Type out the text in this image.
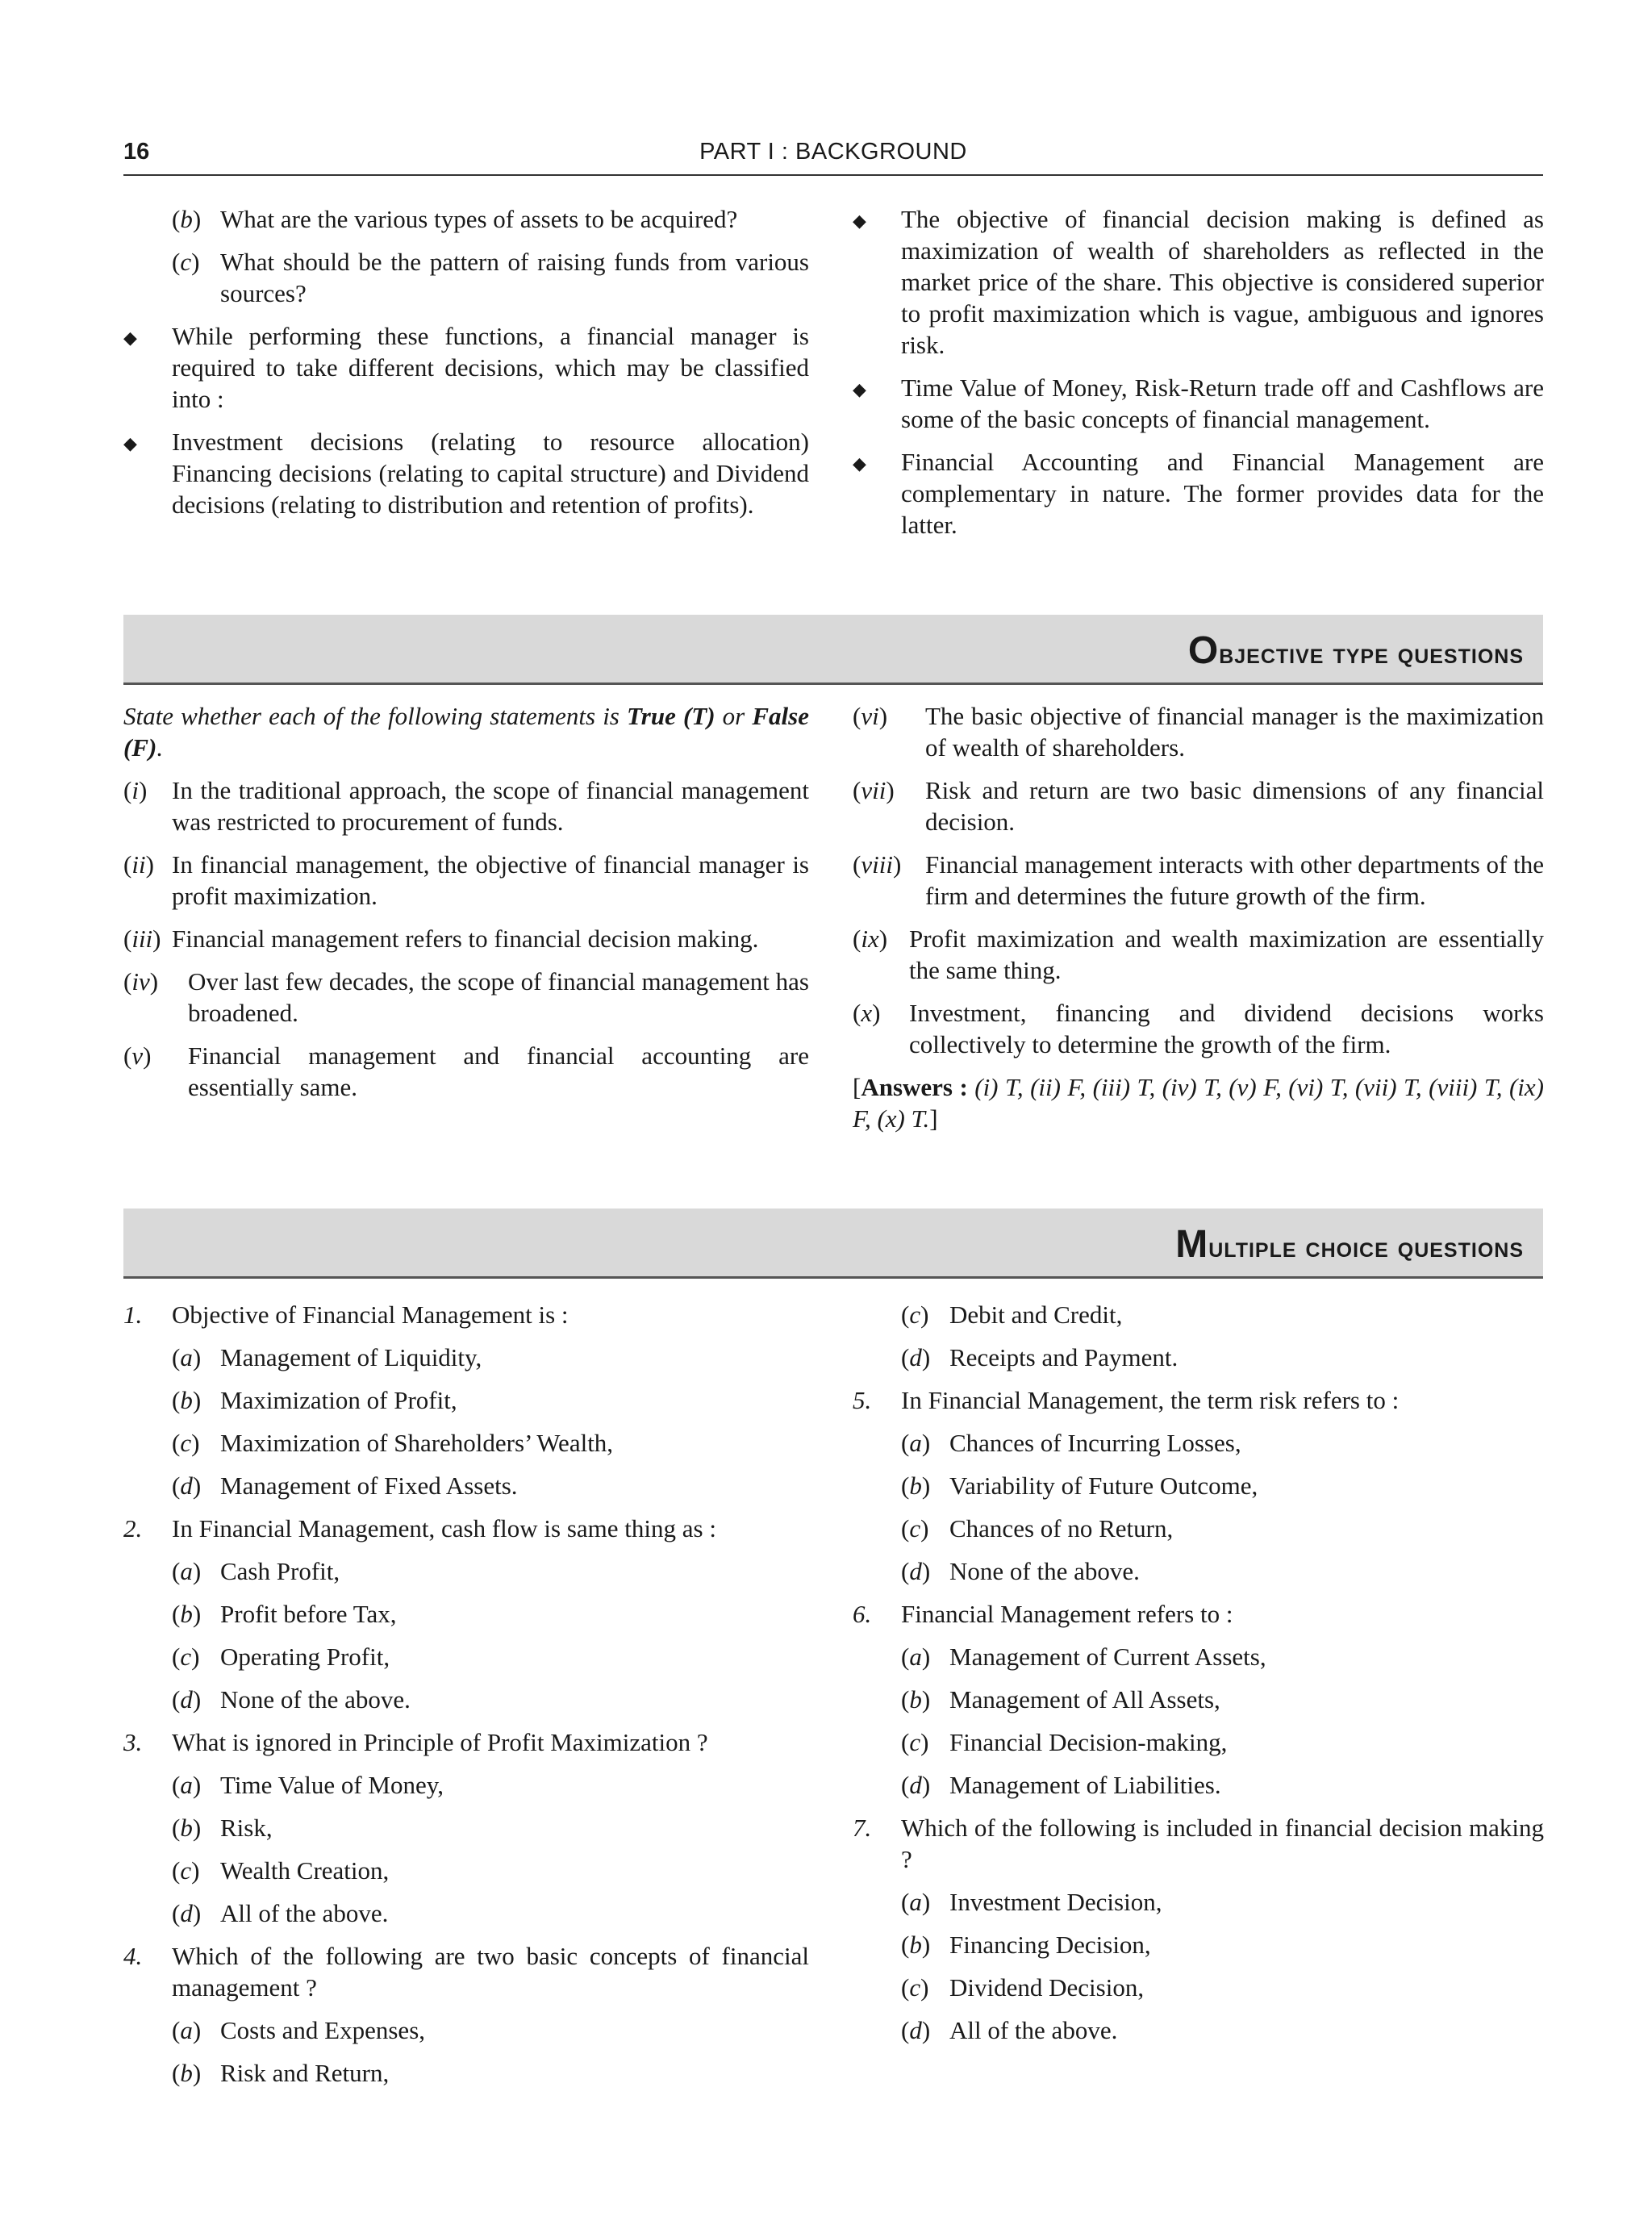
16	PART I : BACKGROUND
(b) What are the various types of assets to be acquired?
(c) What should be the pattern of raising funds from various sources?
◆	While performing these functions, a financial manager is required to take different decisions, which may be classified into :
◆	Investment decisions (relating to resource allocation) Financing decisions (relating to capital structure) and Dividend decisions (relating to distribution and retention of profits).
◆	The objective of financial decision making is defined as maximization of wealth of shareholders as reflected in the market price of the share. This objective is considered superior to profit maximization which is vague, ambiguous and ignores risk.
◆	Time Value of Money, Risk-Return trade off and Cashflows are some of the basic concepts of financial management.
◆	Financial Accounting and Financial Management are complementary in nature. The former provides data for the latter.
Objective type questions
State whether each of the following statements is True (T) or False (F).
(i) In the traditional approach, the scope of financial management was restricted to procurement of funds.
(ii) In financial management, the objective of financial manager is profit maximization.
(iii) Financial management refers to financial decision making.
(iv)	Over last few decades, the scope of financial management has broadened.
(v)	Financial management and financial accounting are essentially same.
(vi)	The basic objective of financial manager is the maximization of wealth of shareholders.
(vii)	Risk and return are two basic dimensions of any financial decision.
(viii) Financial management interacts with other departments of the firm and determines the future growth of the firm.
(ix) Profit maximization and wealth maximization are essentially the same thing.
(x)	Investment, financing and dividend decisions works collectively to determine the growth of the firm.
[Answers : (i) T, (ii) F, (iii) T, (iv) T, (v) F, (vi) T, (vii) T, (viii) T, (ix) F, (x) T.]
Multiple choice questions
1.	Objective of Financial Management is :
(a) Management of Liquidity,
(b) Maximization of Profit,
(c) Maximization of Shareholders’ Wealth,
(d) Management of Fixed Assets.
2.	In Financial Management, cash flow is same thing as :
(a) Cash Profit,
(b) Profit before Tax,
(c) Operating Profit,
(d) None of the above.
3.	What is ignored in Principle of Profit Maximization ?
(a) Time Value of Money,
(b) Risk,
(c) Wealth Creation,
(d) All of the above.
4.	Which of the following are two basic concepts of financial management ?
(a) Costs and Expenses,
(b) Risk and Return,
(c) Debit and Credit,
(d) Receipts and Payment.
5.	In Financial Management, the term risk refers to :
(a) Chances of Incurring Losses,
(b) Variability of Future Outcome,
(c) Chances of no Return,
(d) None of the above.
6.	Financial Management refers to :
(a) Management of Current Assets,
(b) Management of All Assets,
(c) Financial Decision-making,
(d) Management of Liabilities.
7.	Which of the following is included in financial decision making ?
(a) Investment Decision,
(b) Financing Decision,
(c) Dividend Decision,
(d) All of the above.
